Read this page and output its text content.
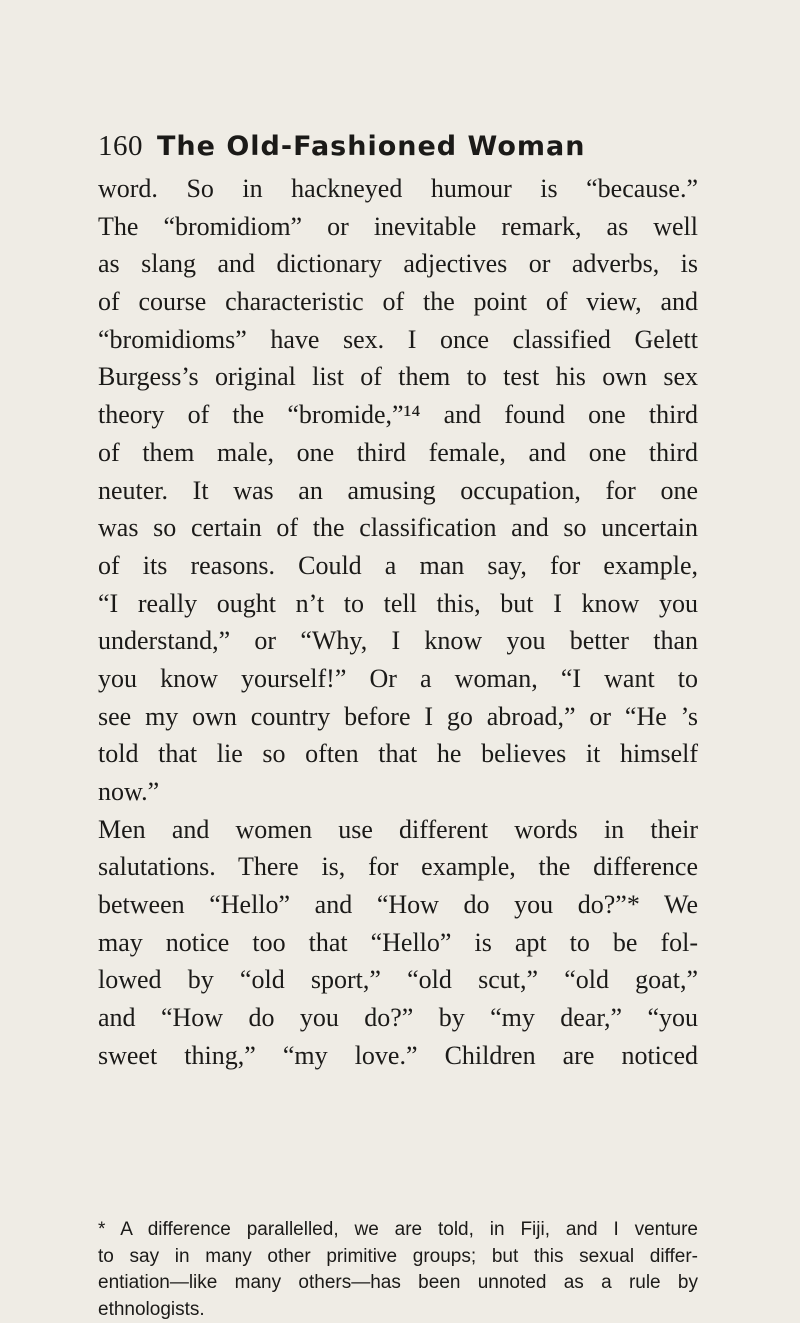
160 The Old-Fashioned Woman
word. So in hackneyed humour is “because.”
The “bromidiom” or inevitable remark, as well
as slang and dictionary adjectives or adverbs, is
of course characteristic of the point of view, and
“bromidioms” have sex. I once classified Gelett
Burgess’s original list of them to test his own sex
theory of the “bromide,”¹⁴ and found one third
of them male, one third female, and one third
neuter. It was an amusing occupation, for one
was so certain of the classification and so uncertain
of its reasons. Could a man say, for example,
“I really ought n’t to tell this, but I know you
understand,” or “Why, I know you better than
you know yourself!” Or a woman, “I want to
see my own country before I go abroad,” or “He ’s
told that lie so often that he believes it himself
now.”
Men and women use different words in their
salutations. There is, for example, the difference
between “Hello” and “How do you do?”* We
may notice too that “Hello” is apt to be fol-
lowed by “old sport,” “old scut,” “old goat,”
and “How do you do?” by “my dear,” “you
sweet thing,” “my love.” Children are noticed
* A difference parallelled, we are told, in Fiji, and I venture
to say in many other primitive groups; but this sexual differ-
entiation—like many others—has been unnoted as a rule by
ethnologists.
